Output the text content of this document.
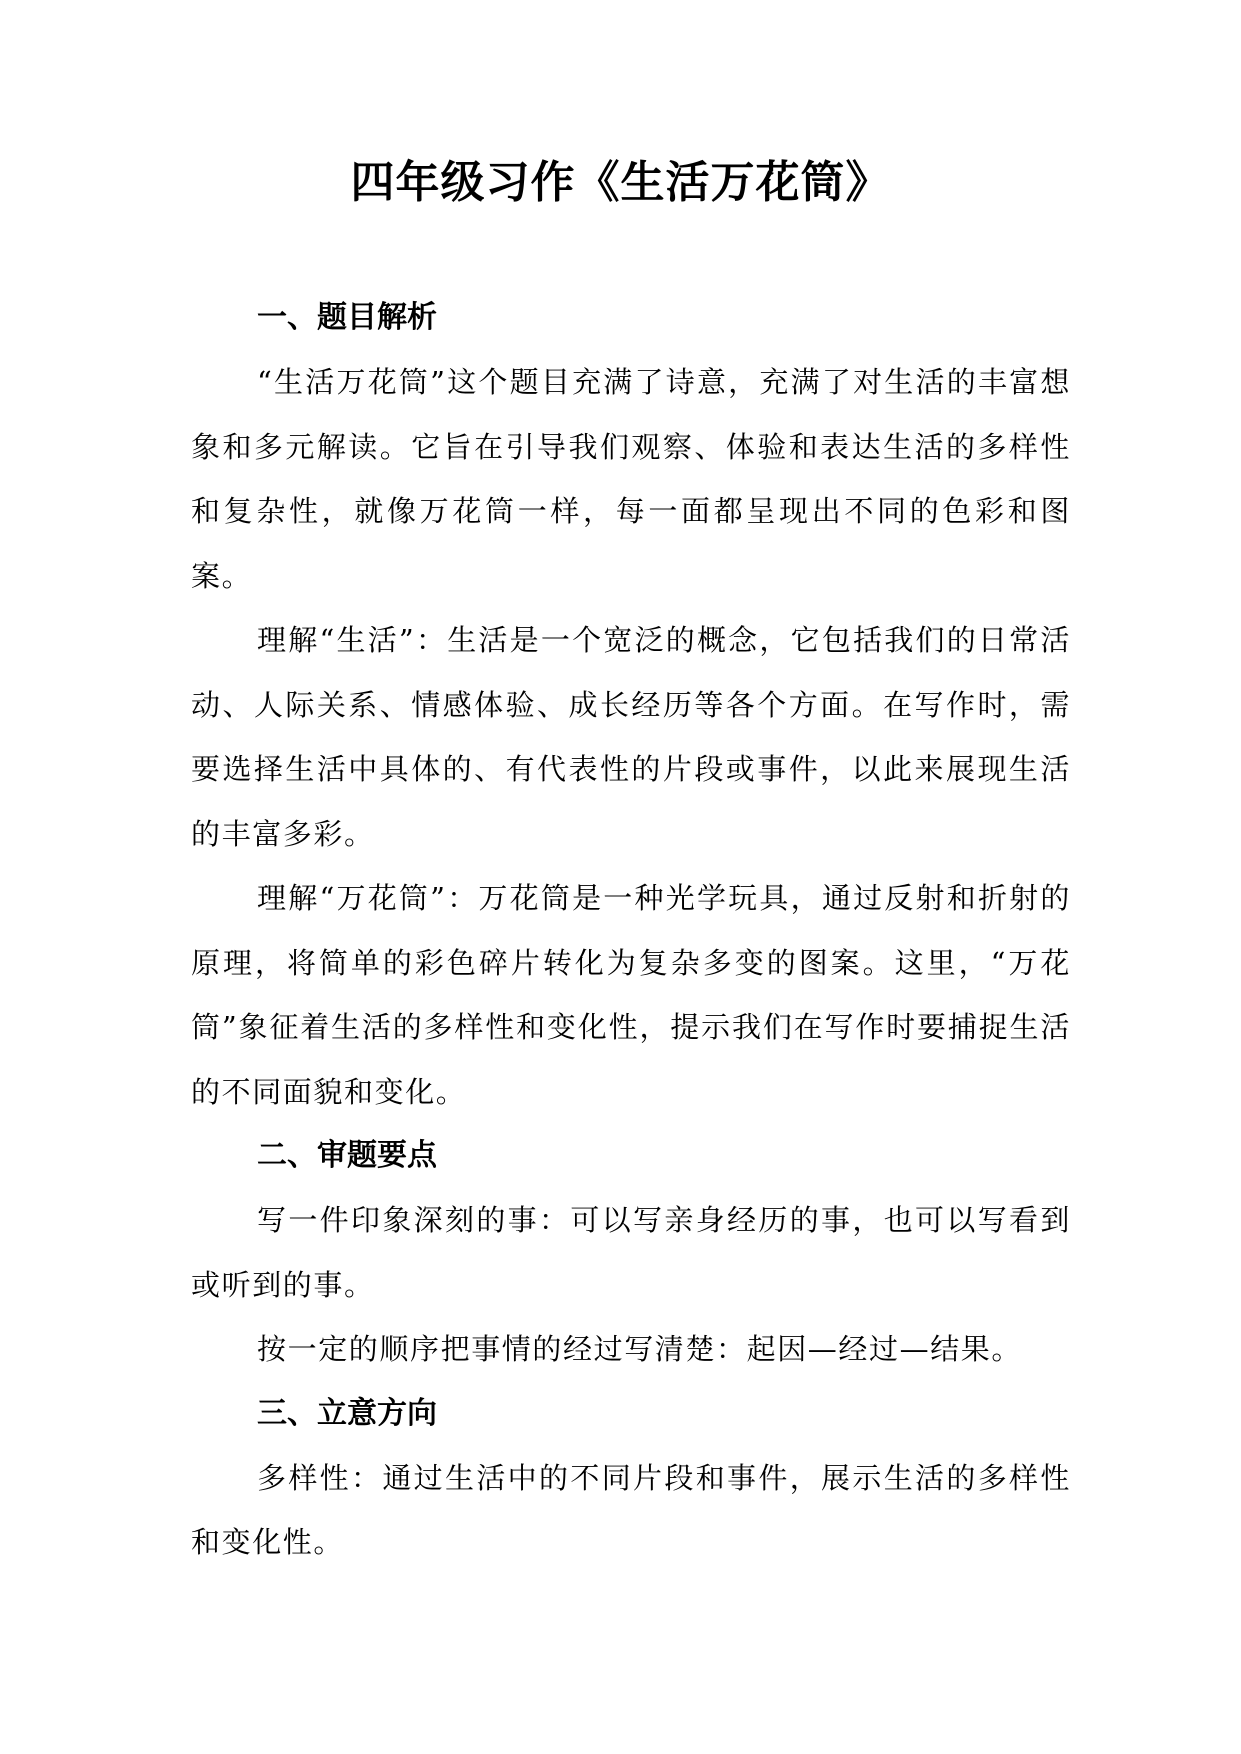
四年级习作《生活万花筒》
一、题目解析

“生活万花筒”这个题目充满了诗意，充满了对生活的丰富想象和多元解读。它旨在引导我们观察、体验和表达生活的多样性和复杂性，就像万花筒一样，每一面都呈现出不同的色彩和图案。

理解“生活”：生活是一个宽泛的概念，它包括我们的日常活动、人际关系、情感体验、成长经历等各个方面。在写作时，需要选择生活中具体的、有代表性的片段或事件，以此来展现生活的丰富多彩。

理解“万花筒”：万花筒是一种光学玩具，通过反射和折射的原理，将简单的彩色碎片转化为复杂多变的图案。这里，“万花筒”象征着生活的多样性和变化性，提示我们在写作时要捕捉生活的不同面貌和变化。

二、审题要点

写一件印象深刻的事：可以写亲身经历的事，也可以写看到或听到的事。

按一定的顺序把事情的经过写清楚：起因—经过—结果。

三、立意方向

多样性：通过生活中的不同片段和事件，展示生活的多样性和变化性。
